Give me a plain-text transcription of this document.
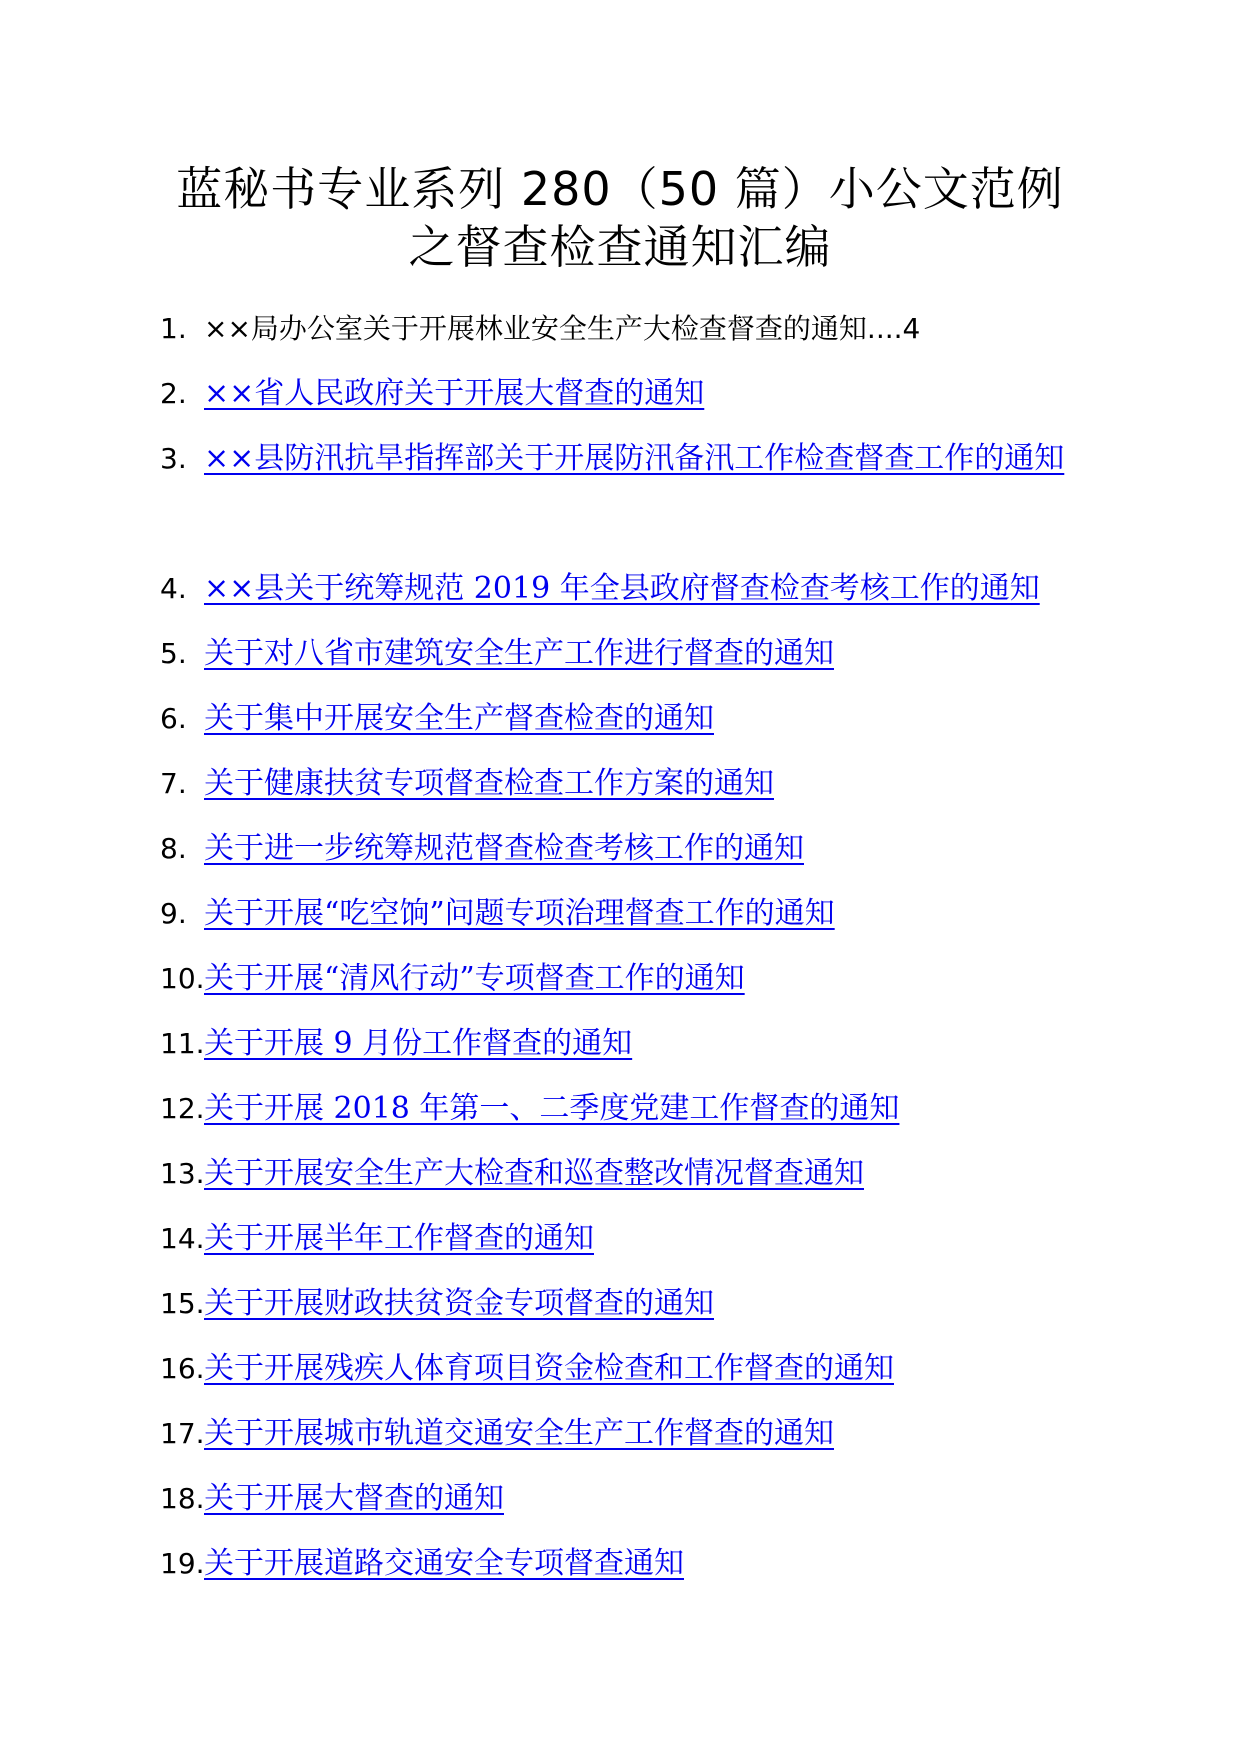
蓝秘书专业系列 280（50 篇）小公文范例
之督查检查通知汇编
1. ××局办公室关于开展林业安全生产大检查督查的通知....4
2. ××省人民政府关于开展大督查的通知
3. ××县防汛抗旱指挥部关于开展防汛备汛工作检查督查工作的通知
4. ××县关于统筹规范 2019 年全县政府督查检查考核工作的通知
5. 关于对八省市建筑安全生产工作进行督查的通知
6. 关于集中开展安全生产督查检查的通知
7. 关于健康扶贫专项督查检查工作方案的通知
8. 关于进一步统筹规范督查检查考核工作的通知
9. 关于开展“吃空饷”问题专项治理督查工作的通知
10. 关于开展“清风行动”专项督查工作的通知
11. 关于开展 9 月份工作督查的通知
12. 关于开展 2018 年第一、二季度党建工作督查的通知
13. 关于开展安全生产大检查和巡查整改情况督查通知
14. 关于开展半年工作督查的通知
15. 关于开展财政扶贫资金专项督查的通知
16. 关于开展残疾人体育项目资金检查和工作督查的通知
17. 关于开展城市轨道交通安全生产工作督查的通知
18. 关于开展大督查的通知
19. 关于开展道路交通安全专项督查通知
